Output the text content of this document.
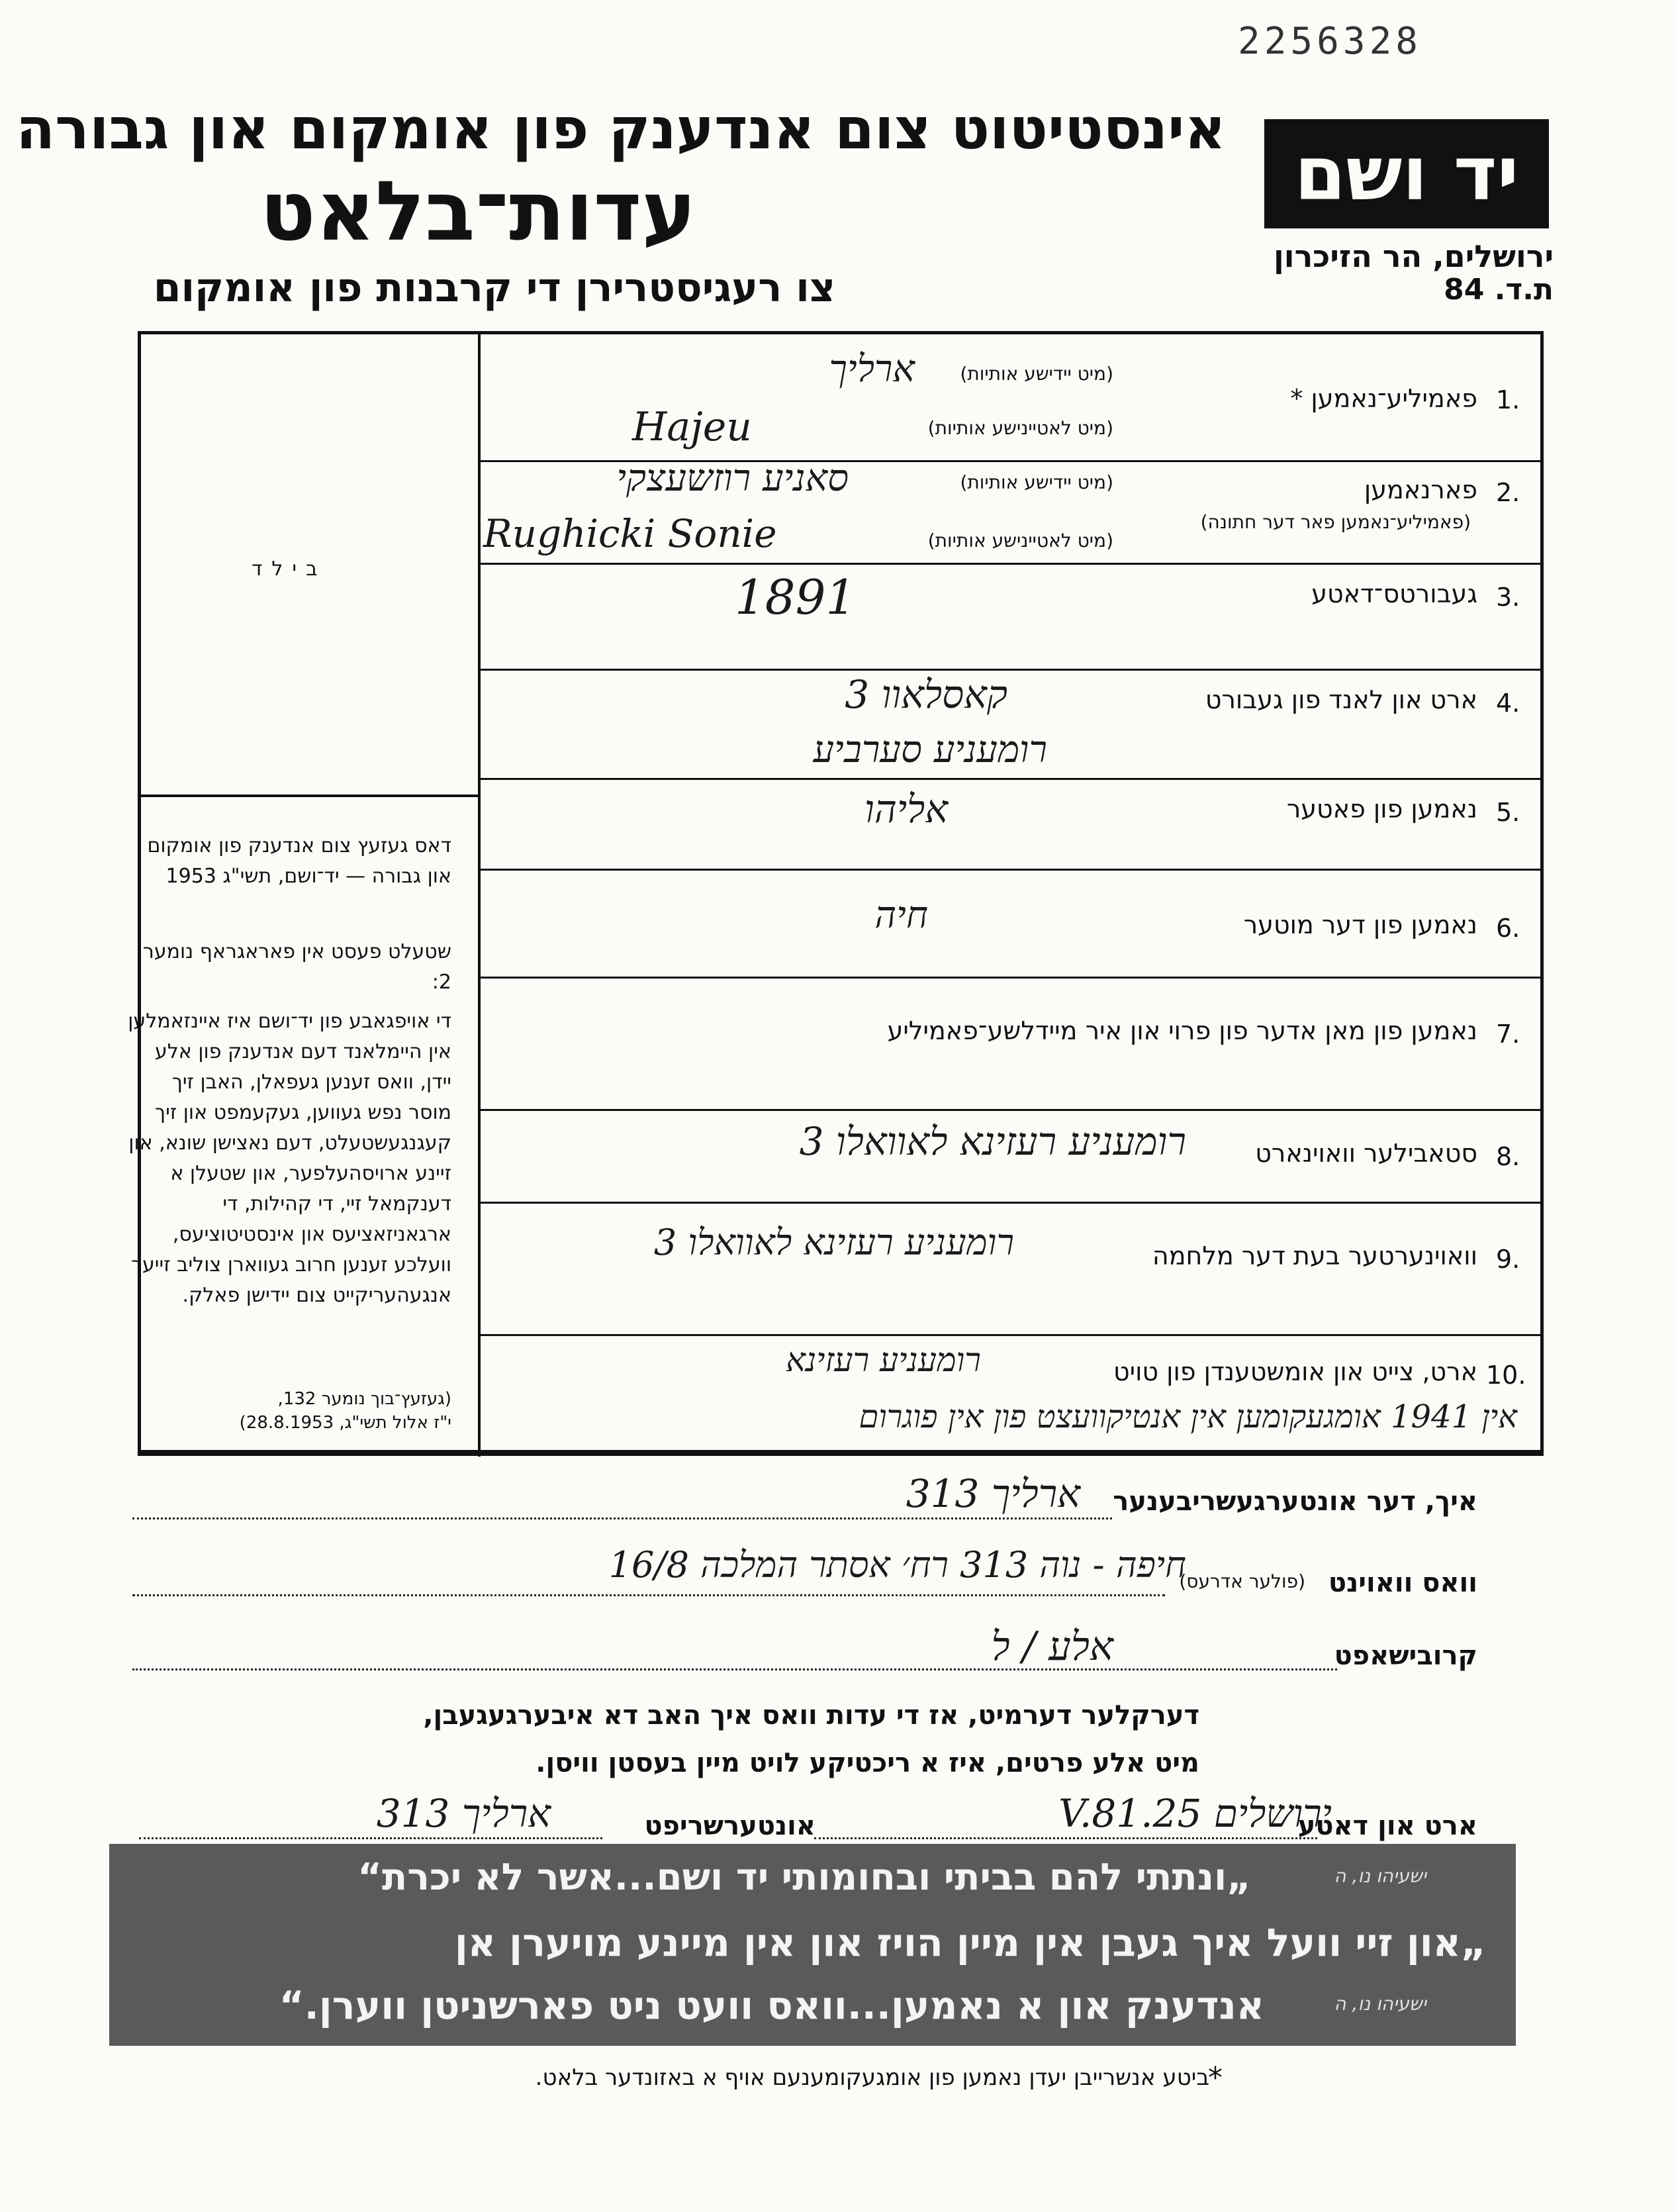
2256328
אינסטיטוט צום אנדענק פון אומקום און גבורה
עדות־בלאט
צו רעגיסטרירן די קרבנות פון אומקום
יד ושם
ירושלים, הר הזיכרון
ת.ד. 84
בילד
דאס געזעץ צום אנדענק פון אומקום און גבורה — יד־ושם, תשי"ג 1953
שטעלט פעסט אין פאראגראף נומער 2:
די אויפגאבע פון יד־ושם איז איינזאמלען אין היימלאנד דעם אנדענק פון אלע יידן, וואס זענען געפאלן, האבן זיך מוסר נפש געווען, געקעמפט און זיך קעגנגעשטעלט, דעם נאצישן שונא, און זיינע ארויסהעלפער, און שטעלן א דענקמאל זיי, די קהילות, די ארגאניזאציעס און אינסטיטוציעס, וועלכע זענען חרוב געווארן צוליב זייער אנגעהעריקייט צום יידישן פאלק.
(געזעץ־בוך נומער 132,
י"ז אלול תשי"ג, 28.8.1953)
1.
פאמיליע־נאמען *
(מיט יידישע אותיות)
(מיט לאטיינישע אותיות)
ארליך
Hajeu
2.
פארנאמען
(פאמיליע־נאמען פאר דער חתונה)
(מיט יידישע אותיות)
(מיט לאטיינישע אותיות)
סאניע רוזשעצקי
Rughicki Sonie
3.
געבורטס־דאטע
1891
4.
ארט און לאנד פון געבורט
קאסלאוו 3
רומעניע סערביע
5.
נאמען פון פאטער
אליהו
6.
נאמען פון דער מוטער
חיה
7.
נאמען פון מאן אדער פון פרוי און איר מיידלשע־פאמיליע
8.
סטאבילער וואוינארט
רומעניע רעזינא לאוואלו 3
9.
וואוינערטער בעת דער מלחמה
רומעניע רעזינא לאוואלו 3
10.
ארט, צייט און אומשטענדן פון טויט
רומעניע רעזינא
אין 1941 אומגעקומען אין אנטיקוועצט פון אין פוגרום
איך, דער אונטערגעשריבענער
ארליך 313
וואס וואוינט
(פולער אדרעס)
חיפה - נוה 313 רח׳ אסתר המלכה 16/8
קרובישאפט
אלע / ל
דערקלער דערמיט, אז די עדות וואס איך האב דא איבערגעגעבן,
מיט אלע פרטים, איז א ריכטיקע לויט מיין בעסטן וויסן.
ארט און דאטע
ירושלים 25.V.81
אונטערשריפט
ארליך 313
„ונתתי להם בביתי ובחומותי יד ושם...אשר לא יכרת“	ישעיהו נו, ה
„און זיי וועל איך געבן אין מיין הויז און אין מיינע מויערן אן
אנדענק און א נאמען...וואס וועט ניט פארשניטן ווערן.“	ישעיהו נו, ה
*
ביטע אנשרייבן יעדן נאמען פון אומגעקומענעם אויף א באזונדער בלאט.
